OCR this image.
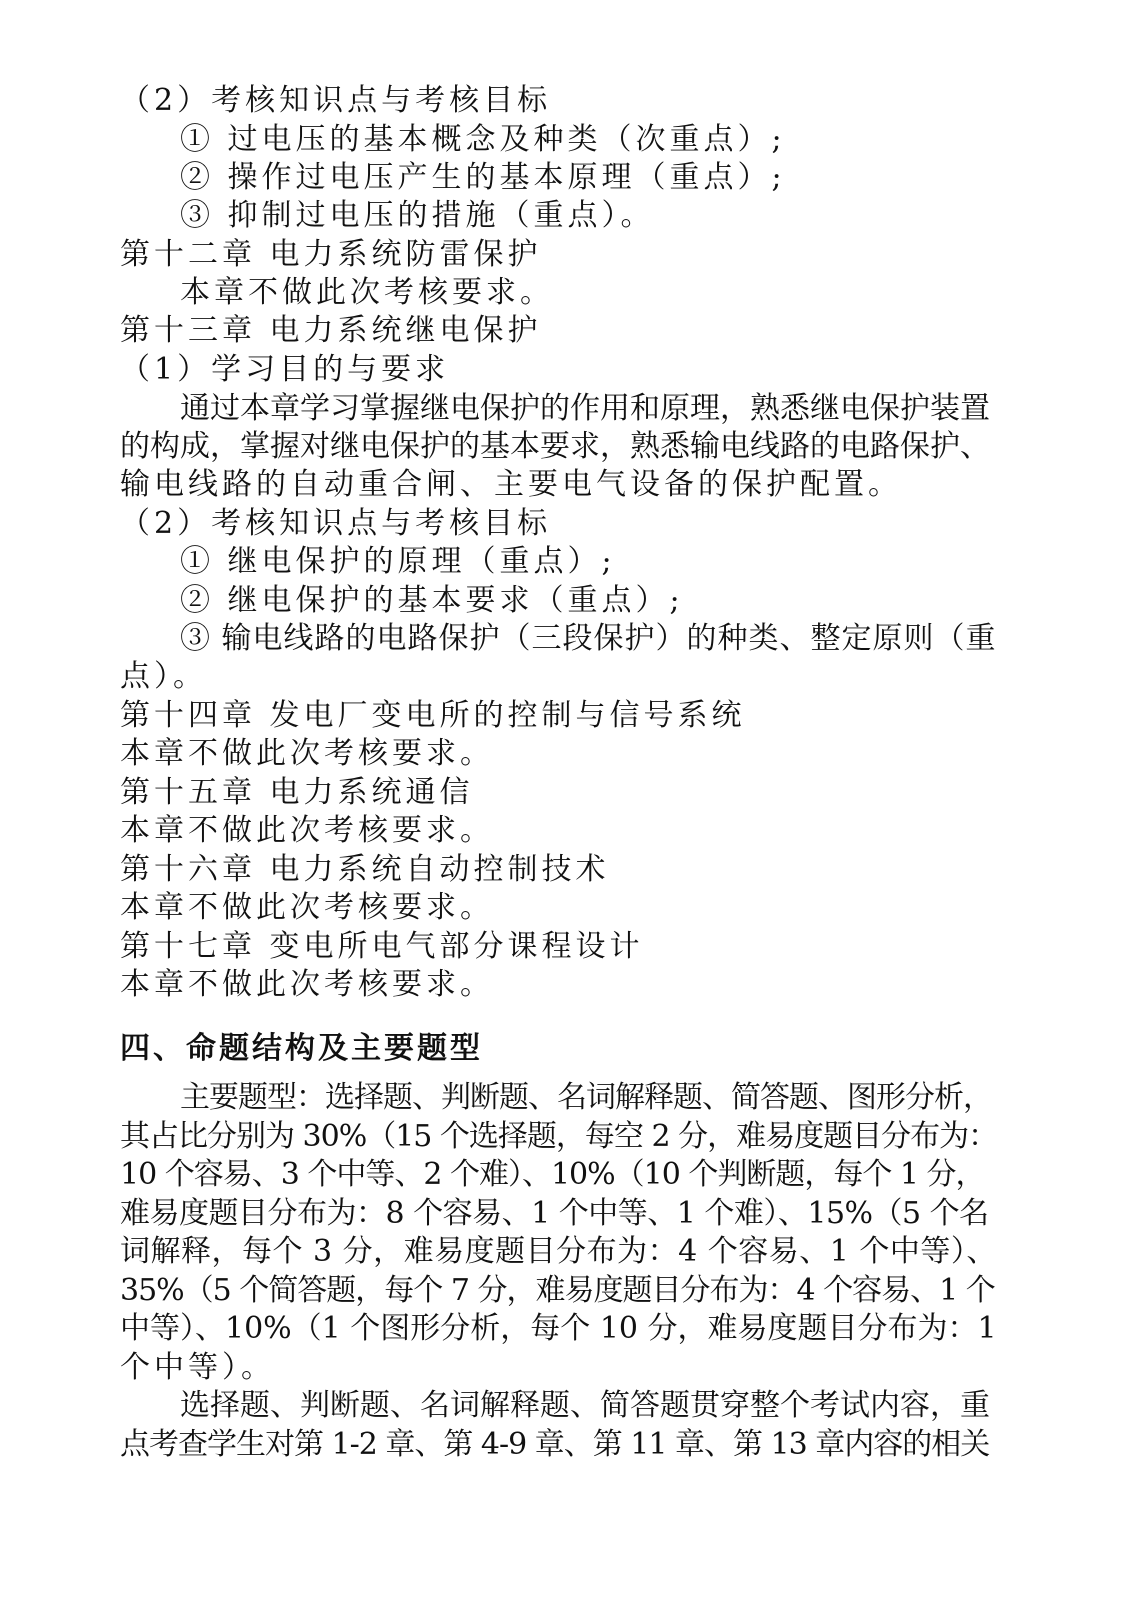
（2）考核知识点与考核目标
① 过电压的基本概念及种类（次重点）;
② 操作过电压产生的基本原理（重点）;
③ 抑制过电压的措施（重点）。
第十二章 电力系统防雷保护
本章不做此次考核要求。
第十三章 电力系统继电保护
（1）学习目的与要求
通过本章学习掌握继电保护的作用和原理，熟悉继电保护装置
的构成，掌握对继电保护的基本要求，熟悉输电线路的电路保护、
输电线路的自动重合闸、主要电气设备的保护配置。
（2）考核知识点与考核目标
① 继电保护的原理（重点）;
② 继电保护的基本要求（重点）;
③ 输电线路的电路保护（三段保护）的种类、整定原则（重
点）。
第十四章 发电厂变电所的控制与信号系统
本章不做此次考核要求。
第十五章 电力系统通信
本章不做此次考核要求。
第十六章 电力系统自动控制技术
本章不做此次考核要求。
第十七章 变电所电气部分课程设计
本章不做此次考核要求。
四、命题结构及主要题型
主要题型：选择题、判断题、名词解释题、简答题、图形分析，
其占比分别为 30%（15 个选择题，每空 2 分，难易度题目分布为：
10 个容易、3 个中等、2 个难）、10%（10 个判断题，每个 1 分，
难易度题目分布为：8 个容易、1 个中等、1 个难）、15%（5 个名
词解释，每个 3 分，难易度题目分布为：4 个容易、1 个中等）、
35%（5 个简答题，每个 7 分，难易度题目分布为：4 个容易、1 个
中等）、10%（1 个图形分析，每个 10 分，难易度题目分布为：1
个中等）。
选择题、判断题、名词解释题、简答题贯穿整个考试内容，重
点考查学生对第 1-2 章、第 4-9 章、第 11 章、第 13 章内容的相关
